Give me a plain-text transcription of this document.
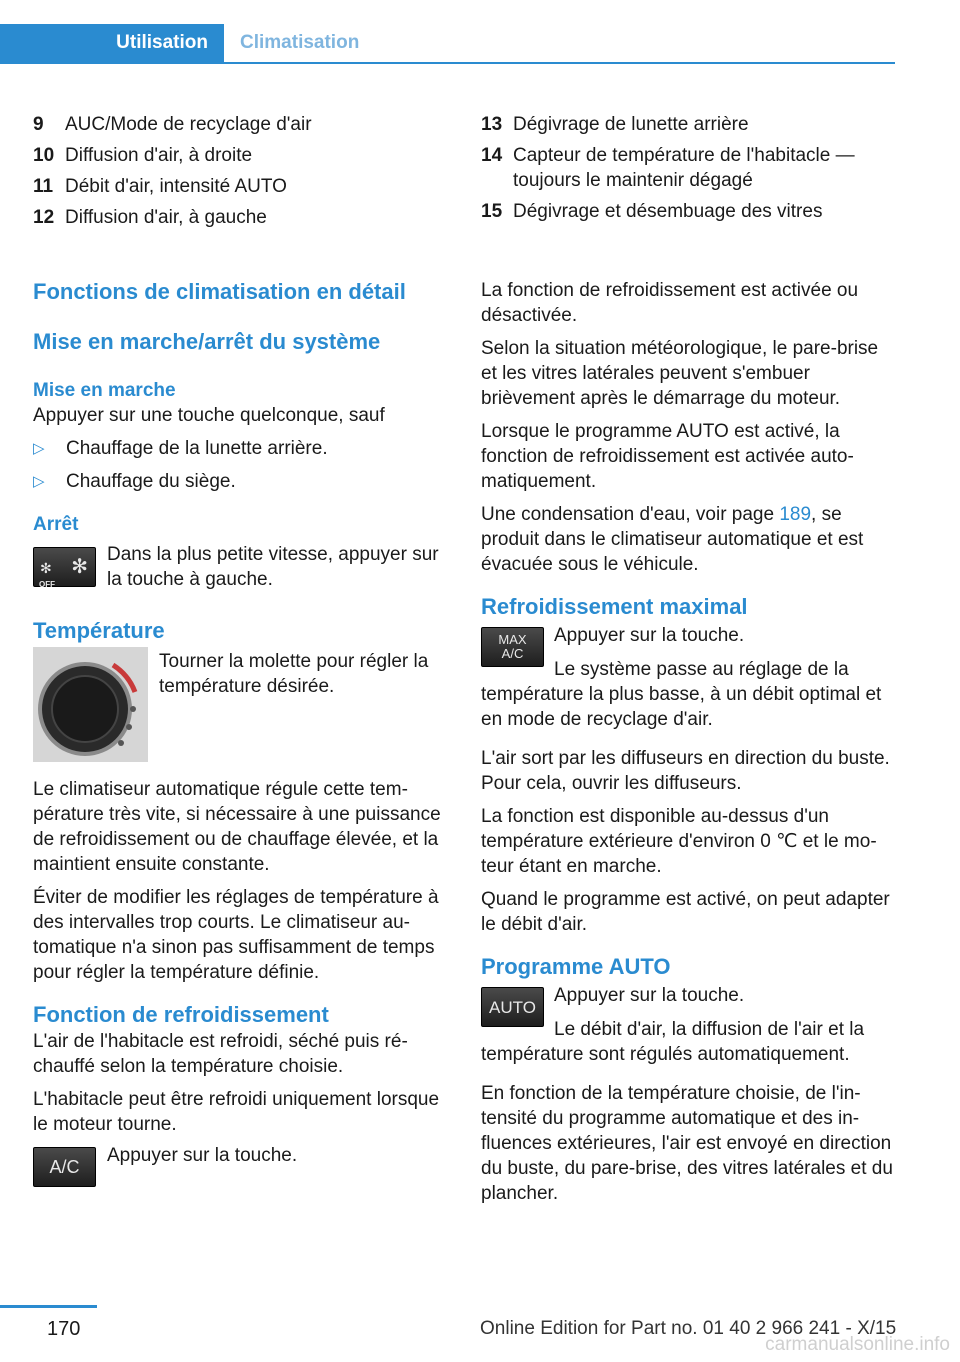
Utilisation	Climatisation
9	AUC/Mode de recyclage d'air
10 Diffusion d'air, à droite
11 Débit d'air, intensité AUTO
12 Diffusion d'air, à gauche
13 Dégivrage de lunette arrière
14 Capteur de température de l'habitacle — toujours le maintenir dégagé
15 Dégivrage et désembuage des vitres
Fonctions de climatisation en détail
Mise en marche/arrêt du système
Mise en marche

Appuyer sur une touche quelconque, sauf

▷ Chauffage de la lunette arrière.
▷ Chauffage du siège.
Arrêt
✻
OFF
✻
Dans la plus petite vitesse, appuyer sur la touche à gauche.
Température
Tourner la molette pour régler la température désirée.

Le climatiseur automatique régule cette température très vite, si nécessaire à une puissance de refroidissement ou de chauffage élevée, et la maintient ensuite constante.

Éviter de modifier les réglages de température à des intervalles trop courts. Le climatiseur automatique n'a sinon pas suffisamment de temps pour régler la température définie.

Fonction de refroidissement

L'air de l'habitacle est refroidi, séché puis réchauffé selon la température choisie.

L'habitacle peut être refroidi uniquement lorsque le moteur tourne.

A/C
Appuyer sur la touche.

La fonction de refroidissement est activée ou désactivée.

Selon la situation météorologique, le pare-brise et les vitres latérales peuvent s'embuer brièvement après le démarrage du moteur.

Lorsque le programme AUTO est activé, la fonction de refroidissement est activée automatiquement.

Une condensation d'eau, voir page 189, se produit dans le climatiseur automatique et est évacuée sous le véhicule.

Refroidissement maximal
MAX
A/C
Appuyer sur la touche.

Le système passe au réglage de la température la plus basse, à un débit optimal et en mode de recyclage d'air.

L'air sort par les diffuseurs en direction du buste. Pour cela, ouvrir les diffuseurs.

La fonction est disponible au-dessus d'un température extérieure d'environ 0 ℃ et le moteur étant en marche.

Quand le programme est activé, on peut adapter le débit d'air.

Programme AUTO
AUTO
Appuyer sur la touche.

Le débit d'air, la diffusion de l'air et la température sont régulés automatiquement.

En fonction de la température choisie, de l'intensité du programme automatique et des influences extérieures, l'air est envoyé en direction du buste, du pare-brise, des vitres latérales et du plancher.

170	Online Edition for Part no. 01 40 2 966 241 - X/15
carmanualsonline.info
